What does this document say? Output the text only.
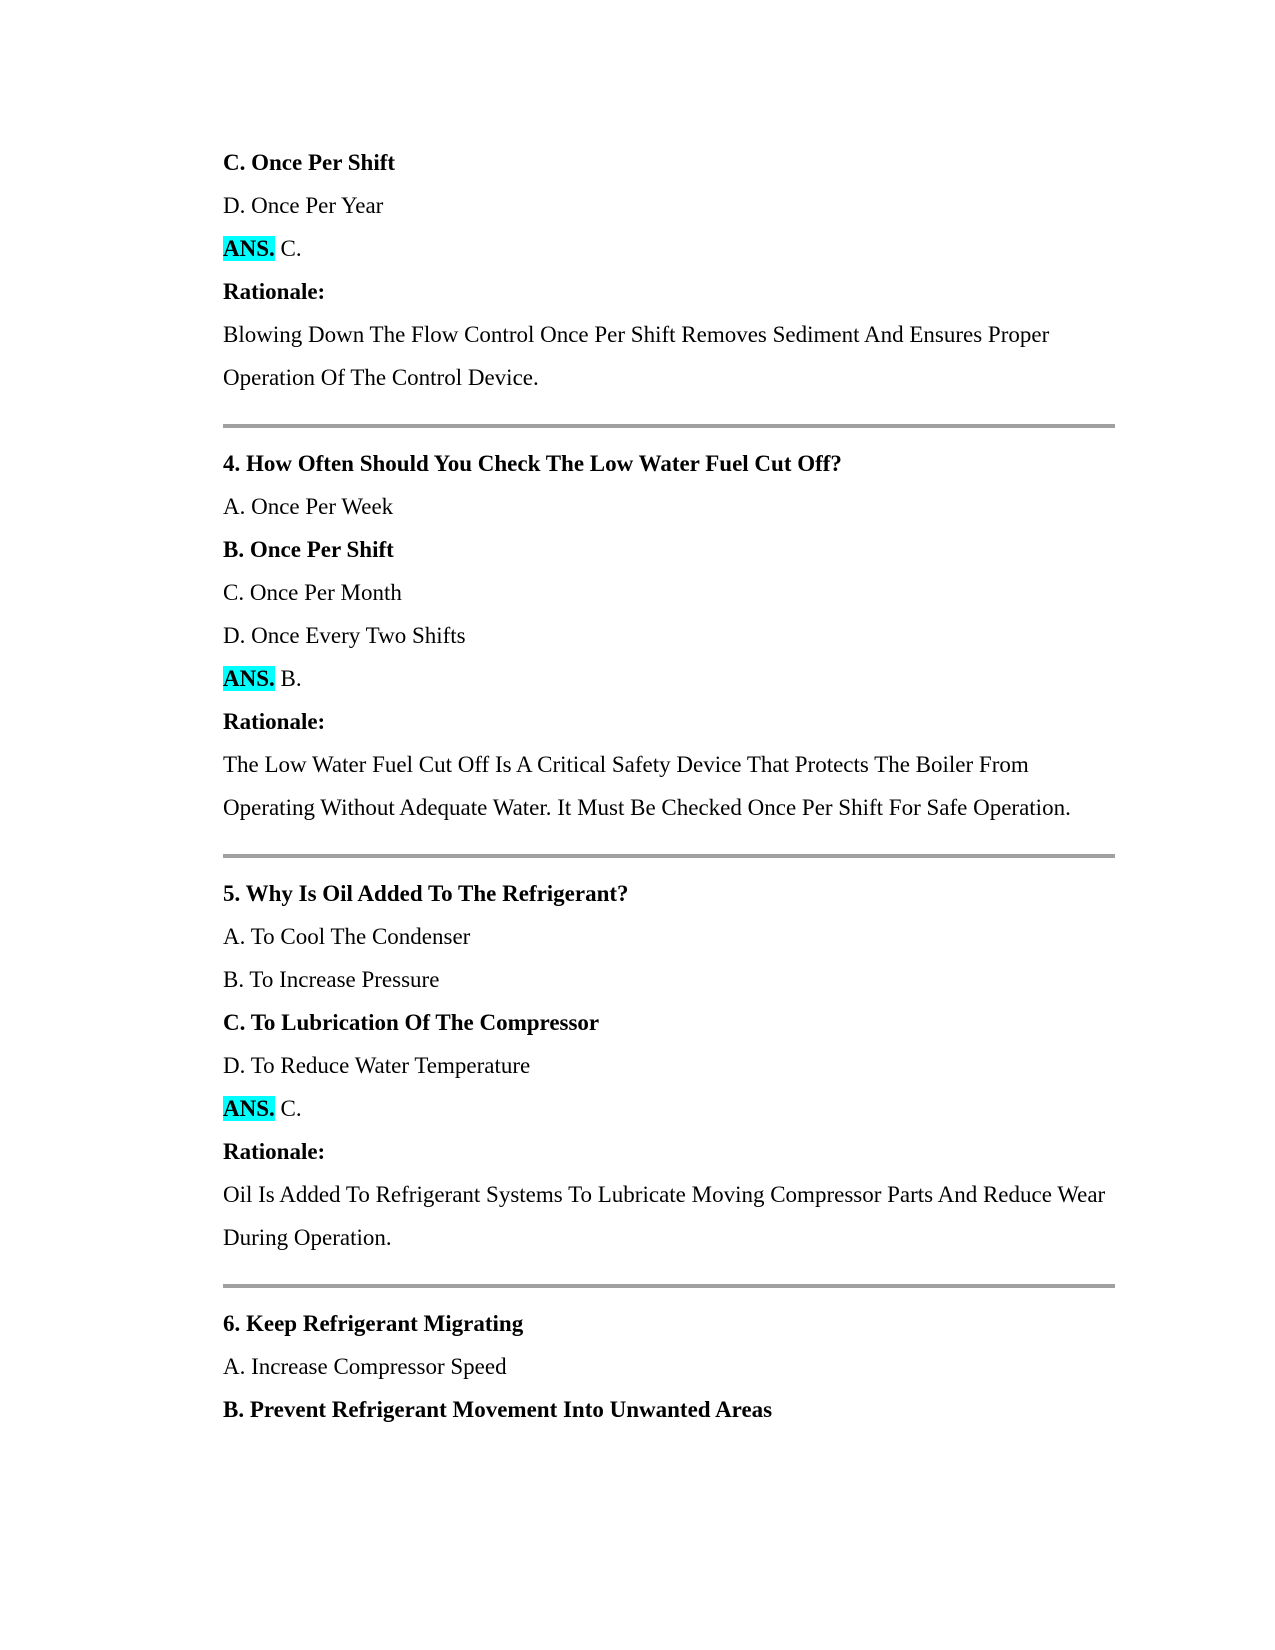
C. Once Per Shift
D. Once Per Year
ANS. C.
Rationale:
Blowing Down The Flow Control Once Per Shift Removes Sediment And Ensures Proper Operation Of The Control Device.
4. How Often Should You Check The Low Water Fuel Cut Off?
A. Once Per Week
B. Once Per Shift
C. Once Per Month
D. Once Every Two Shifts
ANS. B.
Rationale:
The Low Water Fuel Cut Off Is A Critical Safety Device That Protects The Boiler From Operating Without Adequate Water. It Must Be Checked Once Per Shift For Safe Operation.
5. Why Is Oil Added To The Refrigerant?
A. To Cool The Condenser
B. To Increase Pressure
C. To Lubrication Of The Compressor
D. To Reduce Water Temperature
ANS. C.
Rationale:
Oil Is Added To Refrigerant Systems To Lubricate Moving Compressor Parts And Reduce Wear During Operation.
6. Keep Refrigerant Migrating
A. Increase Compressor Speed
B. Prevent Refrigerant Movement Into Unwanted Areas
